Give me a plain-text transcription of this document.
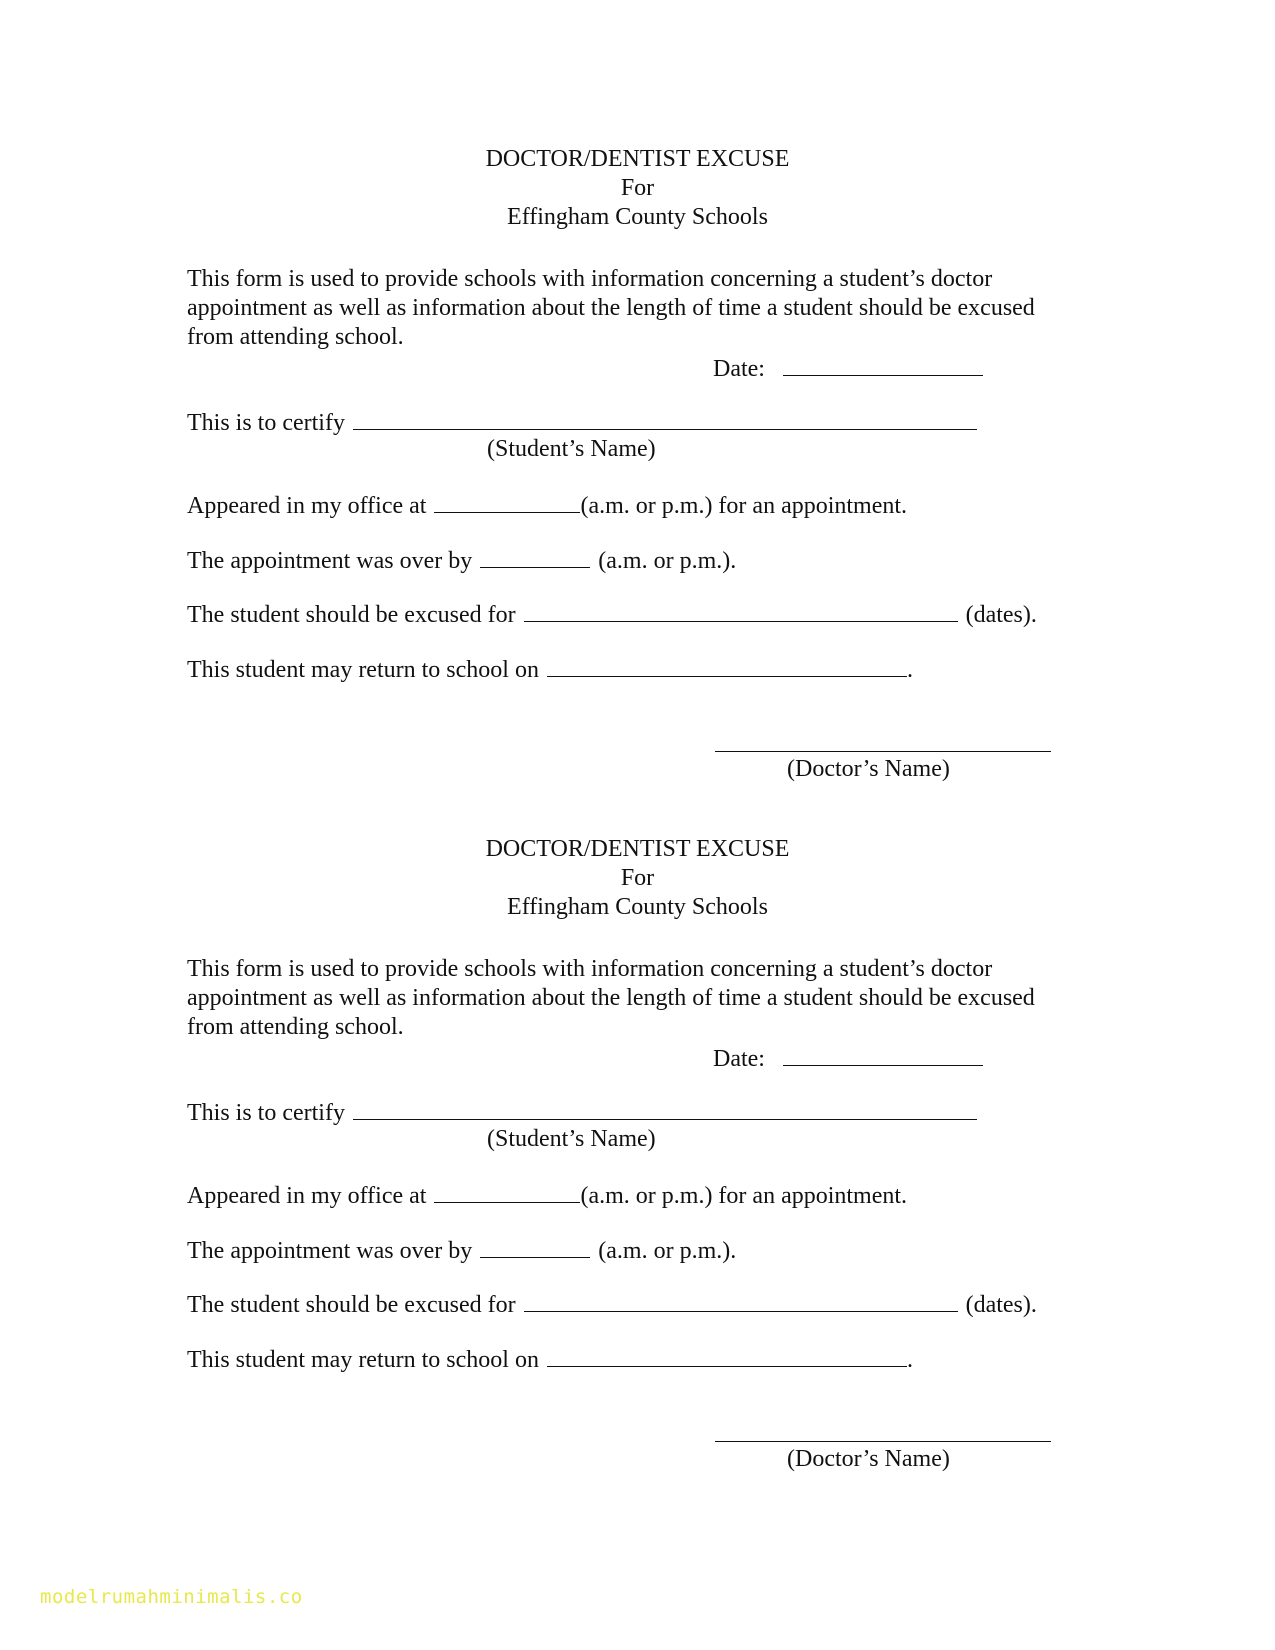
DOCTOR/DENTIST EXCUSE
For
Effingham County Schools
This form is used to provide schools with information concerning a student’s doctor
appointment as well as information about the length of time a student should be excused
from attending school.
Date:
This is to certify
(Student’s Name)
Appeared in my office at	(a.m. or p.m.) for an appointment.
The appointment was over by	(a.m. or p.m.).
The student should be excused for	(dates).
This student may return to school on	.
(Doctor’s Name)
DOCTOR/DENTIST EXCUSE
For
Effingham County Schools
This form is used to provide schools with information concerning a student’s doctor
appointment as well as information about the length of time a student should be excused
from attending school.
Date:
This is to certify
(Student’s Name)
Appeared in my office at	(a.m. or p.m.) for an appointment.
The appointment was over by	(a.m. or p.m.).
The student should be excused for	(dates).
This student may return to school on	.
(Doctor’s Name)
modelrumahminimalis.co
